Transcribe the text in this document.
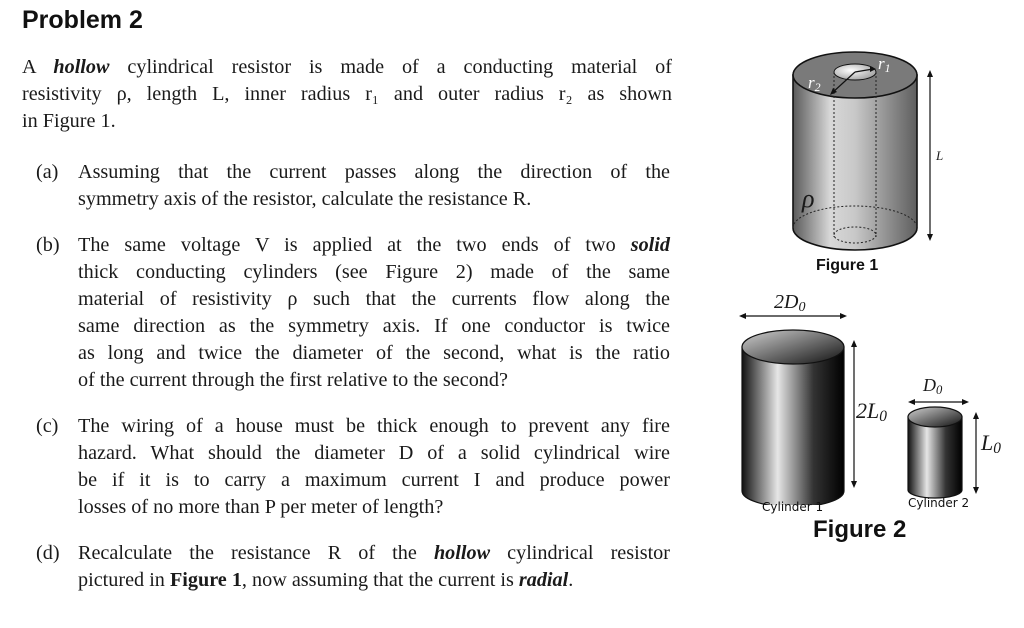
Problem 2
A hollow cylindrical resistor is made of a conducting material of
resistivity ρ, length L, inner radius r₁ and outer radius r₂ as shown
in Figure 1.
(a) Assuming that the current passes along the direction of the
symmetry axis of the resistor, calculate the resistance R.
(b) The same voltage V is applied at the two ends of two solid
thick conducting cylinders (see Figure 2) made of the same
material of resistivity ρ such that the currents flow along the
same direction as the symmetry axis. If one conductor is twice
as long and twice the diameter of the second, what is the ratio
of the current through the first relative to the second?
(c) The wiring of a house must be thick enough to prevent any fire
hazard. What should the diameter D of a solid cylindrical wire
be if it is to carry a maximum current I and produce power
losses of no more than P per meter of length?
(d) Recalculate the resistance R of the hollow cylindrical resistor
pictured in Figure 1, now assuming that the current is radial.
$r_1$
$r_2$
L
ρ
Figure 1
$2D_0$
$2L_0$
$D_0$
$L_0$
Cylinder 1	Cylinder 2
Figure 2
